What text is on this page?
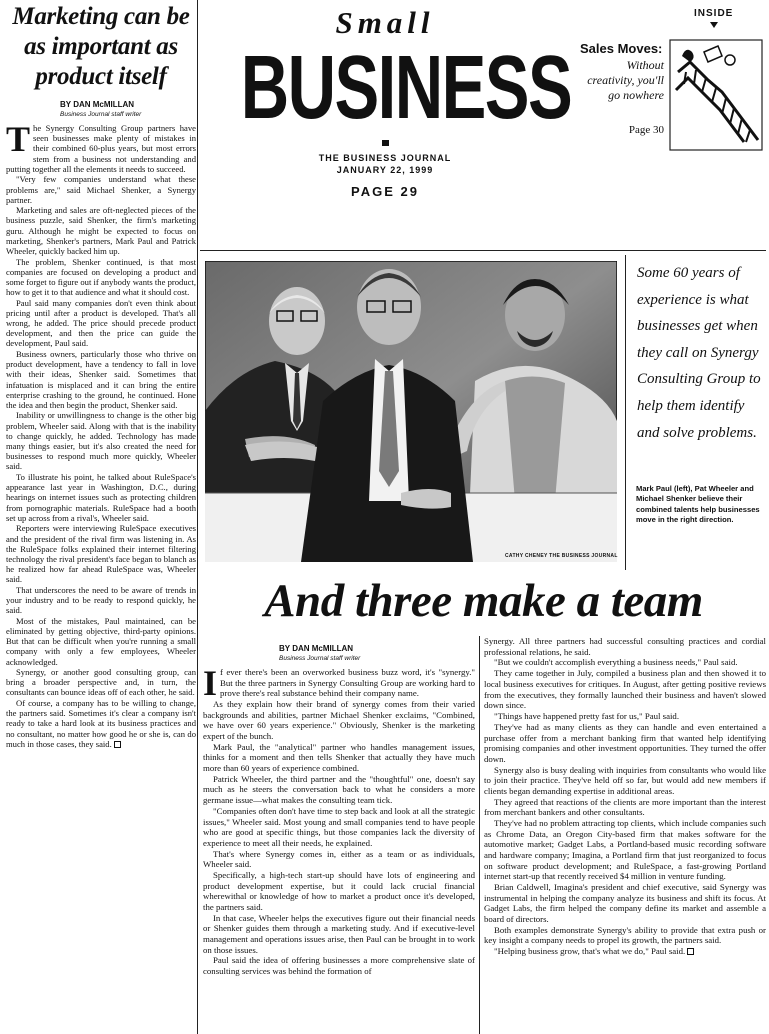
Marketing can be as important as product itself
BY DAN McMILLAN
Business Journal staff writer

The Synergy Consulting Group partners have seen businesses make plenty of mistakes in their combined 60-plus years, but most errors stem from a business not understanding and putting together all the elements it needs to succeed.

"Very few companies understand what these problems are," said Michael Shenker, a Synergy partner.

Marketing and sales are oft-neglected pieces of the business puzzle, said Shenker, the firm's marketing guru. Although he might be expected to focus on marketing, Shenker's partners, Mark Paul and Patrick Wheeler, quickly backed him up.

The problem, Shenker continued, is that most companies are focused on developing a product and some forget to figure out if anybody wants the product, how to get it to that audience and what it should cost.

Paul said many companies don't even think about pricing until after a product is developed. That's all wrong, he added. The price should precede product development, and then the price can guide the development, Paul said.

Business owners, particularly those who thrive on product development, have a tendency to fall in love with their ideas, Shenker said. Sometimes that infatuation is misplaced and it can bring the entire enterprise crashing to the ground, he continued. Hone the idea and then begin the product, Shenker said.

Inability or unwillingness to change is the other big problem, Wheeler said. Along with that is the inability to change quickly, he added. Technology has made many things easier, but it's also created the need for businesses to respond much more quickly, Wheeler said.

To illustrate his point, he talked about RuleSpace's appearance last year in Washington, D.C., during hearings on internet issues such as protecting children from pornographic materials. RuleSpace had a booth set up across from a rival's, Wheeler said.

Reporters were interviewing RuleSpace executives and the president of the rival firm was listening in. As the RuleSpace folks explained their internet filtering technology the rival president's face began to blanch as he realized how far ahead RuleSpace was, Wheeler said.

That underscores the need to be aware of trends in your industry and to be ready to respond quickly, he said.

Most of the mistakes, Paul maintained, can be eliminated by getting objective, third-party opinions. But that can be difficult when you're running a small company with only a few employees, Wheeler acknowledged.

Synergy, or another good consulting group, can bring a broader perspective and, in turn, the consultants can bounce ideas off of each other, he said.

Of course, a company has to be willing to change, the partners said. Sometimes it's clear a company isn't ready to take a hard look at its business practices and no consultant, no matter how good he or she is, can do much in those cases, they said.

Small
BUSINESS
THE BUSINESS JOURNAL
JANUARY 22, 1999
PAGE 29
INSIDE
Sales Moves:
Without creativity, you'll go nowhere
Page 30
CATHY CHENEY THE BUSINESS JOURNAL
Some 60 years of experience is what businesses get when they call on Synergy Consulting Group to help them identify and solve problems.
Mark Paul (left), Pat Wheeler and Michael Shenker believe their combined talents help businesses move in the right direction.
And three make a team
BY DAN McMILLAN
Business Journal staff writer

If ever there's been an overworked business buzz word, it's "synergy." But the three partners in Synergy Consulting Group are working hard to prove there's real substance behind their company name.

As they explain how their brand of synergy comes from their varied backgrounds and abilities, partner Michael Shenker exclaims, "Combined, we have over 60 years experience." Obviously, Shenker is the marketing expert of the bunch.

Mark Paul, the "analytical" partner who handles management issues, thinks for a moment and then tells Shenker that actually they have much more than 60 years of experience combined.

Patrick Wheeler, the third partner and the "thoughtful" one, doesn't say much as he steers the conversation back to what he considers a more germane issue—what makes the consulting team tick.

"Companies often don't have time to step back and look at all the strategic issues," Wheeler said. Most young and small companies tend to have people who are good at specific things, but those companies lack the diversity of experience to meet all their needs, he explained.

That's where Synergy comes in, either as a team or as individuals, Wheeler said.

Specifically, a high-tech start-up should have lots of engineering and product development expertise, but it could lack crucial financial wherewithal or knowledge of how to market a product once it's developed, the partners said.

In that case, Wheeler helps the executives figure out their financial needs or Shenker guides them through a marketing study. And if executive-level management and operations issues arise, then Paul can be brought in to work on those issues.

Paul said the idea of offering businesses a more comprehensive slate of consulting services was behind the formation of

Synergy. All three partners had successful consulting practices and cordial professional relations, he said.

"But we couldn't accomplish everything a business needs," Paul said.

They came together in July, compiled a business plan and then showed it to local business executives for critiques. In August, after getting positive reviews from the executives, they formally launched their business and haven't slowed down since.

"Things have happened pretty fast for us," Paul said.

They've had as many clients as they can handle and even entertained a purchase offer from a merchant banking firm that wanted help identifying promising companies and other investment opportunities. They turned the offer down.

Synergy also is busy dealing with inquiries from consultants who would like to join their practice. They've held off so far, but would add new members if clients began demanding expertise in additional areas.

They agreed that reactions of the clients are more important than the interest from merchant bankers and other consultants.

They've had no problem attracting top clients, which include companies such as Chrome Data, an Oregon City-based firm that makes software for the automotive market; Gadget Labs, a Portland-based music recording software and hardware company; Imagina, a Portland firm that just reorganized to focus on software product development; and RuleSpace, a fast-growing Portland internet start-up that recently received $4 million in venture funding.

Brian Caldwell, Imagina's president and chief executive, said Synergy was instrumental in helping the company analyze its business and shift its focus. At Gadget Labs, the firm helped the company define its market and assemble a board of directors.

Both examples demonstrate Synergy's ability to provide that extra push or key insight a company needs to propel its growth, the partners said.

"Helping business grow, that's what we do," Paul said.
